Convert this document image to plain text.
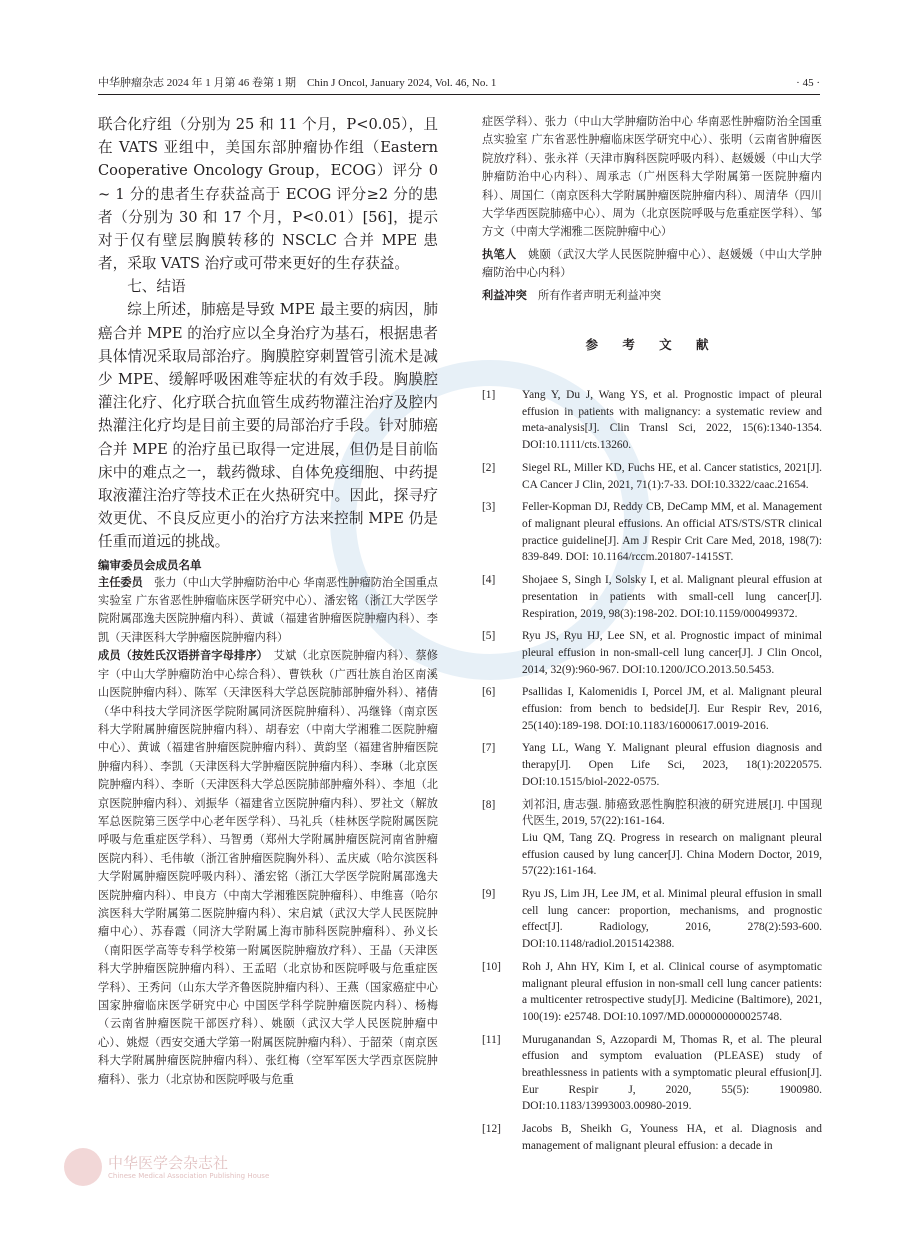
中华肿瘤杂志 2024 年 1 月第 46 卷第 1 期　Chin J Oncol, January 2024, Vol. 46, No. 1	· 45 ·

联合化疗组（分别为 25 和 11 个月，P<0.05），且在 VATS 亚组中，美国东部肿瘤协作组（Eastern Cooperative Oncology Group，ECOG）评分 0 ~ 1 分的患者生存获益高于 ECOG 评分≥2 分的患者（分别为 30 和 17 个月，P<0.01）[56]，提示对于仅有壁层胸膜转移的 NSCLC 合并 MPE 患者，采取 VATS 治疗或可带来更好的生存获益。

七、结语

综上所述，肺癌是导致 MPE 最主要的病因，肺癌合并 MPE 的治疗应以全身治疗为基石，根据患者具体情况采取局部治疗。胸膜腔穿刺置管引流术是减少 MPE、缓解呼吸困难等症状的有效手段。胸膜腔灌注化疗、化疗联合抗血管生成药物灌注治疗及腔内热灌注化疗均是目前主要的局部治疗手段。针对肺癌合并 MPE 的治疗虽已取得一定进展，但仍是目前临床中的难点之一，载药微球、自体免疫细胞、中药提取液灌注治疗等技术正在火热研究中。因此，探寻疗效更优、不良反应更小的治疗方法来控制 MPE 仍是任重而道远的挑战。

编审委员会成员名单

主任委员　 张力（中山大学肿瘤防治中心 华南恶性肿瘤防治全国重点实验室 广东省恶性肿瘤临床医学研究中心）、潘宏铭（浙江大学医学院附属邵逸夫医院肿瘤内科）、黄诚（福建省肿瘤医院肿瘤内科）、李凯（天津医科大学肿瘤医院肿瘤内科）

成员（按姓氏汉语拼音字母排序）　 艾斌（北京医院肿瘤内科）、蔡修宇（中山大学肿瘤防治中心综合科）、曹铁秋（广西壮族自治区南溪山医院肿瘤内科）、陈军（天津医科大学总医院肺部肿瘤外科）、褚倩（华中科技大学同济医学院附属同济医院肿瘤科）、冯继锋（南京医科大学附属肿瘤医院肿瘤内科）、胡春宏（中南大学湘雅二医院肿瘤中心）、黄诚（福建省肿瘤医院肿瘤内科）、黄韵坚（福建省肿瘤医院肿瘤内科）、李凯（天津医科大学肿瘤医院肿瘤内科）、李琳（北京医院肿瘤内科）、李昕（天津医科大学总医院肺部肿瘤外科）、李旭（北京医院肿瘤内科）、刘振华（福建省立医院肿瘤内科）、罗社文（解放军总医院第三医学中心老年医学科）、马礼兵（桂林医学院附属医院呼吸与危重症医学科）、马智勇（郑州大学附属肿瘤医院河南省肿瘤医院内科）、毛伟敏（浙江省肿瘤医院胸外科）、孟庆威（哈尔滨医科大学附属肿瘤医院呼吸内科）、潘宏铭（浙江大学医学院附属邵逸夫医院肿瘤内科）、申良方（中南大学湘雅医院肿瘤科）、申维喜（哈尔滨医科大学附属第二医院肿瘤内科）、宋启斌（武汉大学人民医院肿瘤中心）、苏春霞（同济大学附属上海市肺科医院肿瘤科）、孙义长（南阳医学高等专科学校第一附属医院肿瘤放疗科）、王晶（天津医科大学肿瘤医院肿瘤内科）、王孟昭（北京协和医院呼吸与危重症医学科）、王秀问（山东大学齐鲁医院肿瘤内科）、王燕（国家癌症中心 国家肿瘤临床医学研究中心 中国医学科学院肿瘤医院内科）、杨梅（云南省肿瘤医院干部医疗科）、姚颐（武汉大学人民医院肿瘤中心）、姚煜（西安交通大学第一附属医院肿瘤内科）、于韶荣（南京医科大学附属肿瘤医院肿瘤内科）、张红梅（空军军医大学西京医院肿瘤科）、张力（北京协和医院呼吸与危重

症医学科）、张力（中山大学肿瘤防治中心 华南恶性肿瘤防治全国重点实验室 广东省恶性肿瘤临床医学研究中心）、张明（云南省肿瘤医院放疗科）、张永祥（天津市胸科医院呼吸内科）、赵媛媛（中山大学肿瘤防治中心内科）、周承志（广州医科大学附属第一医院肿瘤内科）、周国仁（南京医科大学附属肿瘤医院肿瘤内科）、周清华（四川大学华西医院肺癌中心）、周为（北京医院呼吸与危重症医学科）、邹方文（中南大学湘雅二医院肿瘤中心）

执笔人　 姚颐（武汉大学人民医院肿瘤中心）、赵媛媛（中山大学肿瘤防治中心内科）

利益冲突　 所有作者声明无利益冲突

参 考 文 献
[1]	Yang Y, Du J, Wang YS, et al. Prognostic impact of pleural effusion in patients with malignancy: a systematic review and meta-analysis[J]. Clin Transl Sci, 2022, 15(6):1340-1354. DOI:10.1111/cts.13260.
[2]	Siegel RL, Miller KD, Fuchs HE, et al. Cancer statistics, 2021[J]. CA Cancer J Clin, 2021, 71(1):7-33. DOI:10.3322/caac.21654.
[3]	Feller-Kopman DJ, Reddy CB, DeCamp MM, et al. Management of malignant pleural effusions. An official ATS/STS/STR clinical practice guideline[J]. Am J Respir Crit Care Med, 2018, 198(7): 839-849. DOI: 10.1164/rccm.201807-1415ST.
[4]	Shojaee S, Singh I, Solsky I, et al. Malignant pleural effusion at presentation in patients with small-cell lung cancer[J]. Respiration, 2019, 98(3):198-202. DOI:10.1159/000499372.
[5]	Ryu JS, Ryu HJ, Lee SN, et al. Prognostic impact of minimal pleural effusion in non-small-cell lung cancer[J]. J Clin Oncol, 2014, 32(9):960-967. DOI:10.1200/JCO.2013.50.5453.
[6]	Psallidas I, Kalomenidis I, Porcel JM, et al. Malignant pleural effusion: from bench to bedside[J]. Eur Respir Rev, 2016, 25(140):189-198. DOI:10.1183/16000617.0019-2016.
[7]	Yang LL, Wang Y. Malignant pleural effusion diagnosis and therapy[J]. Open Life Sci, 2023, 18(1):20220575. DOI:10.1515/biol-2022-0575.
[8]	刘祁汨, 唐志强. 肺癌致恶性胸腔积液的研究进展[J]. 中国现代医生, 2019, 57(22):161-164.
Liu QM, Tang ZQ. Progress in research on malignant pleural effusion caused by lung cancer[J]. China Modern Doctor, 2019, 57(22):161-164.
[9]	Ryu JS, Lim JH, Lee JM, et al. Minimal pleural effusion in small cell lung cancer: proportion, mechanisms, and prognostic effect[J]. Radiology, 2016, 278(2):593-600. DOI:10.1148/radiol.2015142388.
[10]	Roh J, Ahn HY, Kim I, et al. Clinical course of asymptomatic malignant pleural effusion in non-small cell lung cancer patients: a multicenter retrospective study[J]. Medicine (Baltimore), 2021, 100(19): e25748. DOI:10.1097/MD.0000000000025748.
[11]	Muruganandan S, Azzopardi M, Thomas R, et al. The pleural effusion and symptom evaluation (PLEASE) study of breathlessness in patients with a symptomatic pleural effusion[J]. Eur Respir J, 2020, 55(5): 1900980. DOI:10.1183/13993003.00980-2019.
[12]	Jacobs B, Sheikh G, Youness HA, et al. Diagnosis and management of malignant pleural effusion: a decade in
中华医学会杂志社
Chinese Medical Association Publishing House
